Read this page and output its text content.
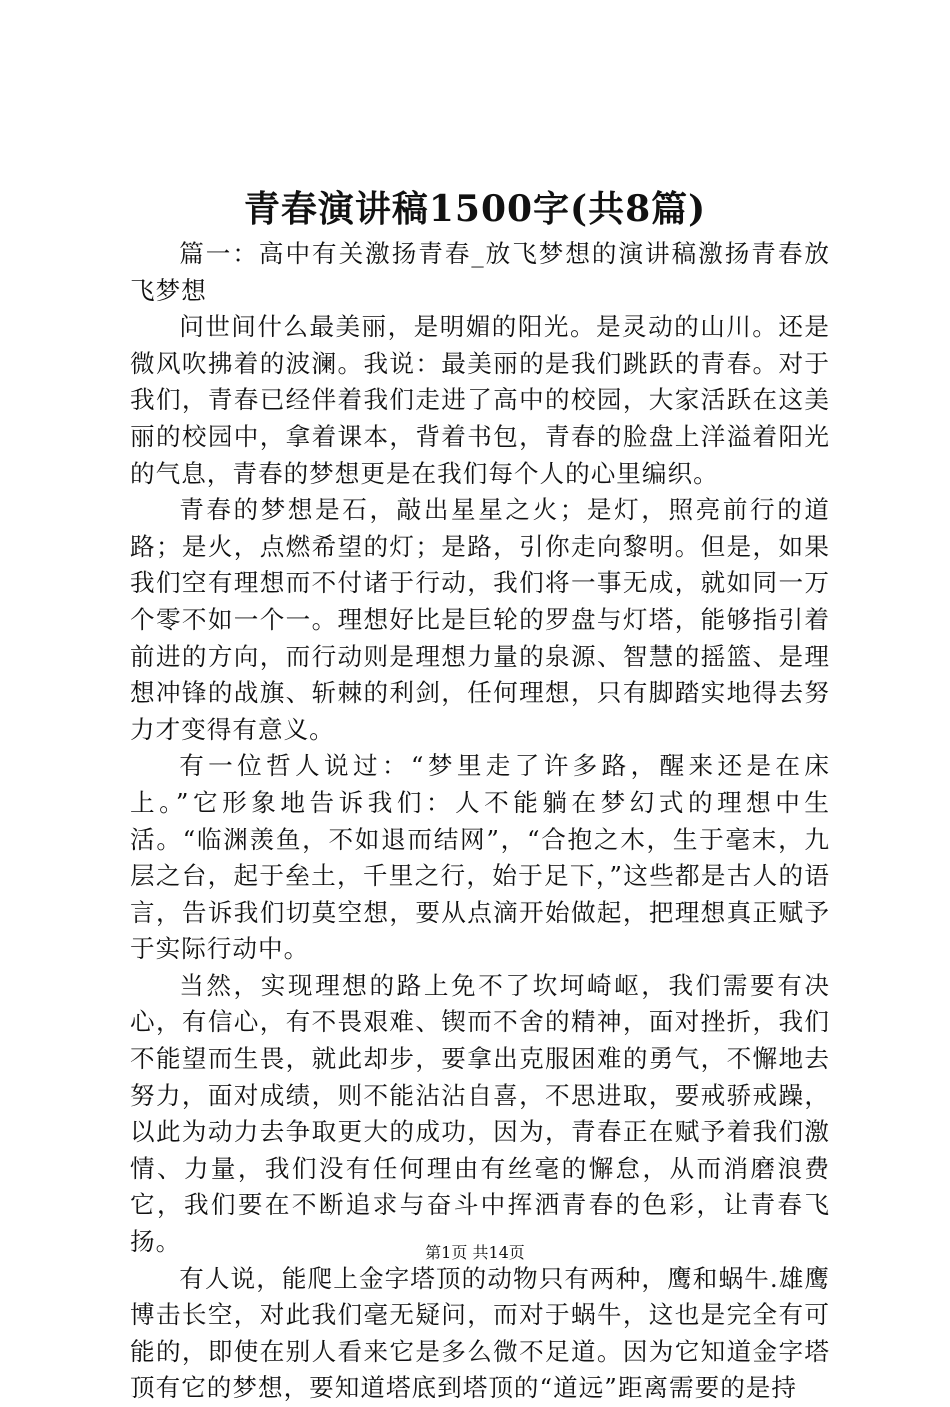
青春演讲稿1500字(共8篇)

篇一：高中有关激扬青春_放飞梦想的演讲稿激扬青春放飞梦想

问世间什么最美丽，是明媚的阳光。是灵动的山川。还是微风吹拂着的波澜。我说：最美丽的是我们跳跃的青春。对于我们，青春已经伴着我们走进了高中的校园，大家活跃在这美丽的校园中，拿着课本，背着书包，青春的脸盘上洋溢着阳光的气息，青春的梦想更是在我们每个人的心里编织。

青春的梦想是石，敲出星星之火；是灯，照亮前行的道路；是火，点燃希望的灯；是路，引你走向黎明。但是，如果我们空有理想而不付诸于行动，我们将一事无成，就如同一万个零不如一个一。理想好比是巨轮的罗盘与灯塔，能够指引着前进的方向，而行动则是理想力量的泉源、智慧的摇篮、是理想冲锋的战旗、斩棘的利剑，任何理想，只有脚踏实地得去努力才变得有意义。

有一位哲人说过：“梦里走了许多路，醒来还是在床上。”它形象地告诉我们：人不能躺在梦幻式的理想中生活。“临渊羡鱼，不如退而结网”，“合抱之木，生于毫末，九层之台，起于垒土，千里之行，始于足下，”这些都是古人的语言，告诉我们切莫空想，要从点滴开始做起，把理想真正赋予于实际行动中。

当然，实现理想的路上免不了坎坷崎岖，我们需要有决心，有信心，有不畏艰难、锲而不舍的精神，面对挫折，我们不能望而生畏，就此却步，要拿出克服困难的勇气，不懈地去努力，面对成绩，则不能沾沾自喜，不思进取，要戒骄戒躁，以此为动力去争取更大的成功，因为，青春正在赋予着我们激情、力量，我们没有任何理由有丝毫的懈怠，从而消磨浪费它，我们要在不断追求与奋斗中挥洒青春的色彩，让青春飞扬。

有人说，能爬上金字塔顶的动物只有两种，鹰和蜗牛.雄鹰博击长空，对此我们毫无疑问，而对于蜗牛，这也是完全有可能的，即使在别人看来它是多么微不足道。因为它知道金字塔顶有它的梦想，要知道塔底到塔顶的“道远”距离需要的是持

第1页 共14页
